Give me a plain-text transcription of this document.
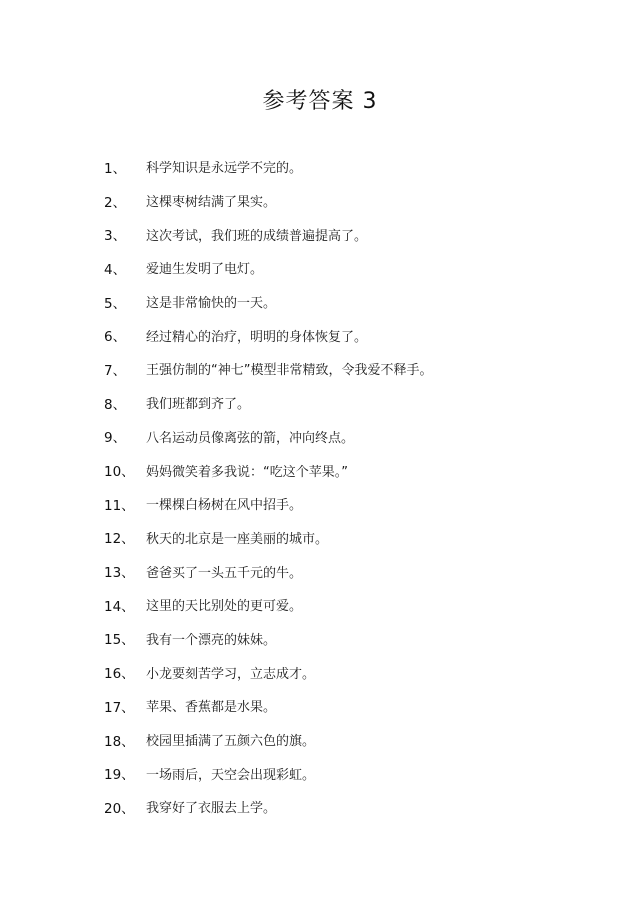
参考答案 3
1、	科学知识是永远学不完的。
2、	这棵枣树结满了果实。
3、	这次考试，我们班的成绩普遍提高了。
4、	爱迪生发明了电灯。
5、	这是非常愉快的一天。
6、	经过精心的治疗，明明的身体恢复了。
7、	王强仿制的“神七”模型非常精致，令我爱不释手。
8、	我们班都到齐了。
9、	八名运动员像离弦的箭，冲向终点。
10、 妈妈微笑着多我说：“吃这个苹果。”
11、 一棵棵白杨树在风中招手。
12、 秋天的北京是一座美丽的城市。
13、 爸爸买了一头五千元的牛。
14、 这里的天比别处的更可爱。
15、 我有一个漂亮的妹妹。
16、 小龙要刻苦学习，立志成才。
17、 苹果、香蕉都是水果。
18、 校园里插满了五颜六色的旗。
19、 一场雨后，天空会出现彩虹。
20、 我穿好了衣服去上学。
